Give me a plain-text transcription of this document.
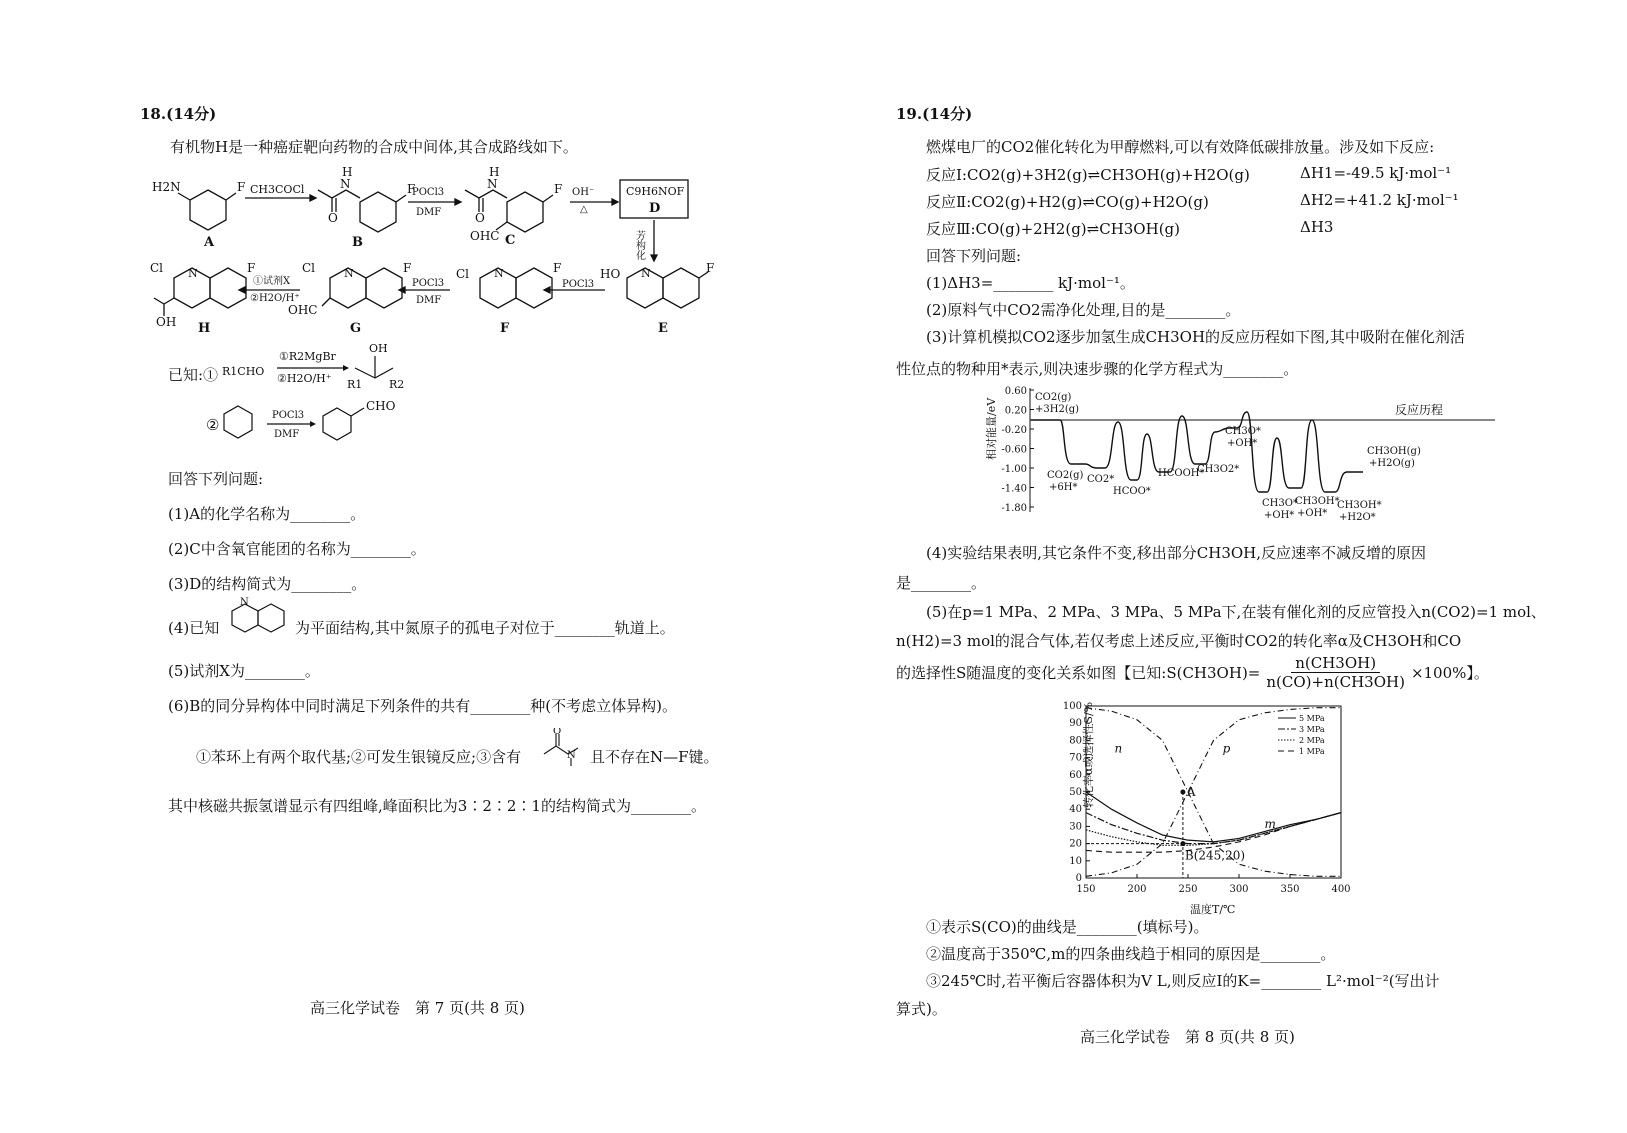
18.(14分)
有机物H是一种癌症靶向药物的合成中间体,其合成路线如下。
H2N	F
A
CH3COCl
O
N
H
F
B
POCl3
DMF	O
N
H
F
OHC C
OH⁻
△
C9H6NOF
D
芳构化
HO N	F
E
POCl3
Cl N	F
F
POCl3
DMF
Cl	N	F
OHC
G
①试剂X
②H2O/H⁺
Cl N	F
OH H
已知:① R1CHO
①R2MgBr
②H2O/H⁺
OH
R1 R2
②
POCl3
DMF
CHO
回答下列问题:
(1)A的化学名称为________。
(2)C中含氧官能团的名称为________。
(3)D的结构简式为________。
(4)已知
N
为平面结构,其中氮原子的孤电子对位于________轨道上。
(5)试剂X为________。
(6)B的同分异构体中同时满足下列条件的共有________种(不考虑立体异构)。
①苯环上有两个取代基;②可发生银镜反应;③含有
O
N 且不存在N—F键。
其中核磁共振氢谱显示有四组峰,峰面积比为3∶2∶2∶1的结构简式为________。
高三化学试卷　第 7 页(共 8 页)
19.(14分)
燃煤电厂的CO2催化转化为甲醇燃料,可以有效降低碳排放量。涉及如下反应:
反应Ⅰ:CO2(g)+3H2(g)⇌CH3OH(g)+H2O(g)	ΔH1=-49.5 kJ·mol⁻¹
反应Ⅱ:CO2(g)+H2(g)⇌CO(g)+H2O(g)	ΔH2=+41.2 kJ·mol⁻¹
反应Ⅲ:CO(g)+2H2(g)⇌CH3OH(g)	ΔH3
回答下列问题:
(1)ΔH3=________ kJ·mol⁻¹。
(2)原料气中CO2需净化处理,目的是________。
(3)计算机模拟CO2逐步加氢生成CH3OH的反应历程如下图,其中吸附在催化剂活
性位点的物种用*表示,则决速步骤的化学方程式为________。
相对能量/eV
0.60
0.20
-0.20
-0.60
-1.00
-1.40
-1.80
反应历程
CO2(g)
+3H2(g)
CO2(g)
+6H*
CO2*
HCOO*
HCOOH*
CH3O2*
CH3O*
+OH*
CH3O*
+OH*
CH3OH*
+OH*
CH3OH*
+H2O*
CH3OH(g)
+H2O(g)
(4)实验结果表明,其它条件不变,移出部分CH3OH,反应速率不减反增的原因
是________。
(5)在p=1 MPa、2 MPa、3 MPa、5 MPa下,在装有催化剂的反应管投入n(CO2)=1 mol、
n(H2)=3 mol的混合气体,若仅考虑上述反应,平衡时CO2的转化率α及CH3OH和CO
的选择性S随温度的变化关系如图【已知:S(CH3OH)= $\frac{n(CH3OH)}{n(CO)+n(CH3OH)} \times 100\%$】。
转化率α或选择性S/%
0
10
20
30
40
50
60
70
80
90
100
150	200	250	300	350	400
温度T/℃
5 MPa
3 MPa
2 MPa
1 MPa
n	p
m
A
B(245,20)
①表示S(CO)的曲线是________(填标号)。
②温度高于350℃,m的四条曲线趋于相同的原因是________。
③245℃时,若平衡后容器体积为V L,则反应Ⅰ的K=________ L²·mol⁻²(写出计
算式)。
高三化学试卷　第 8 页(共 8 页)
